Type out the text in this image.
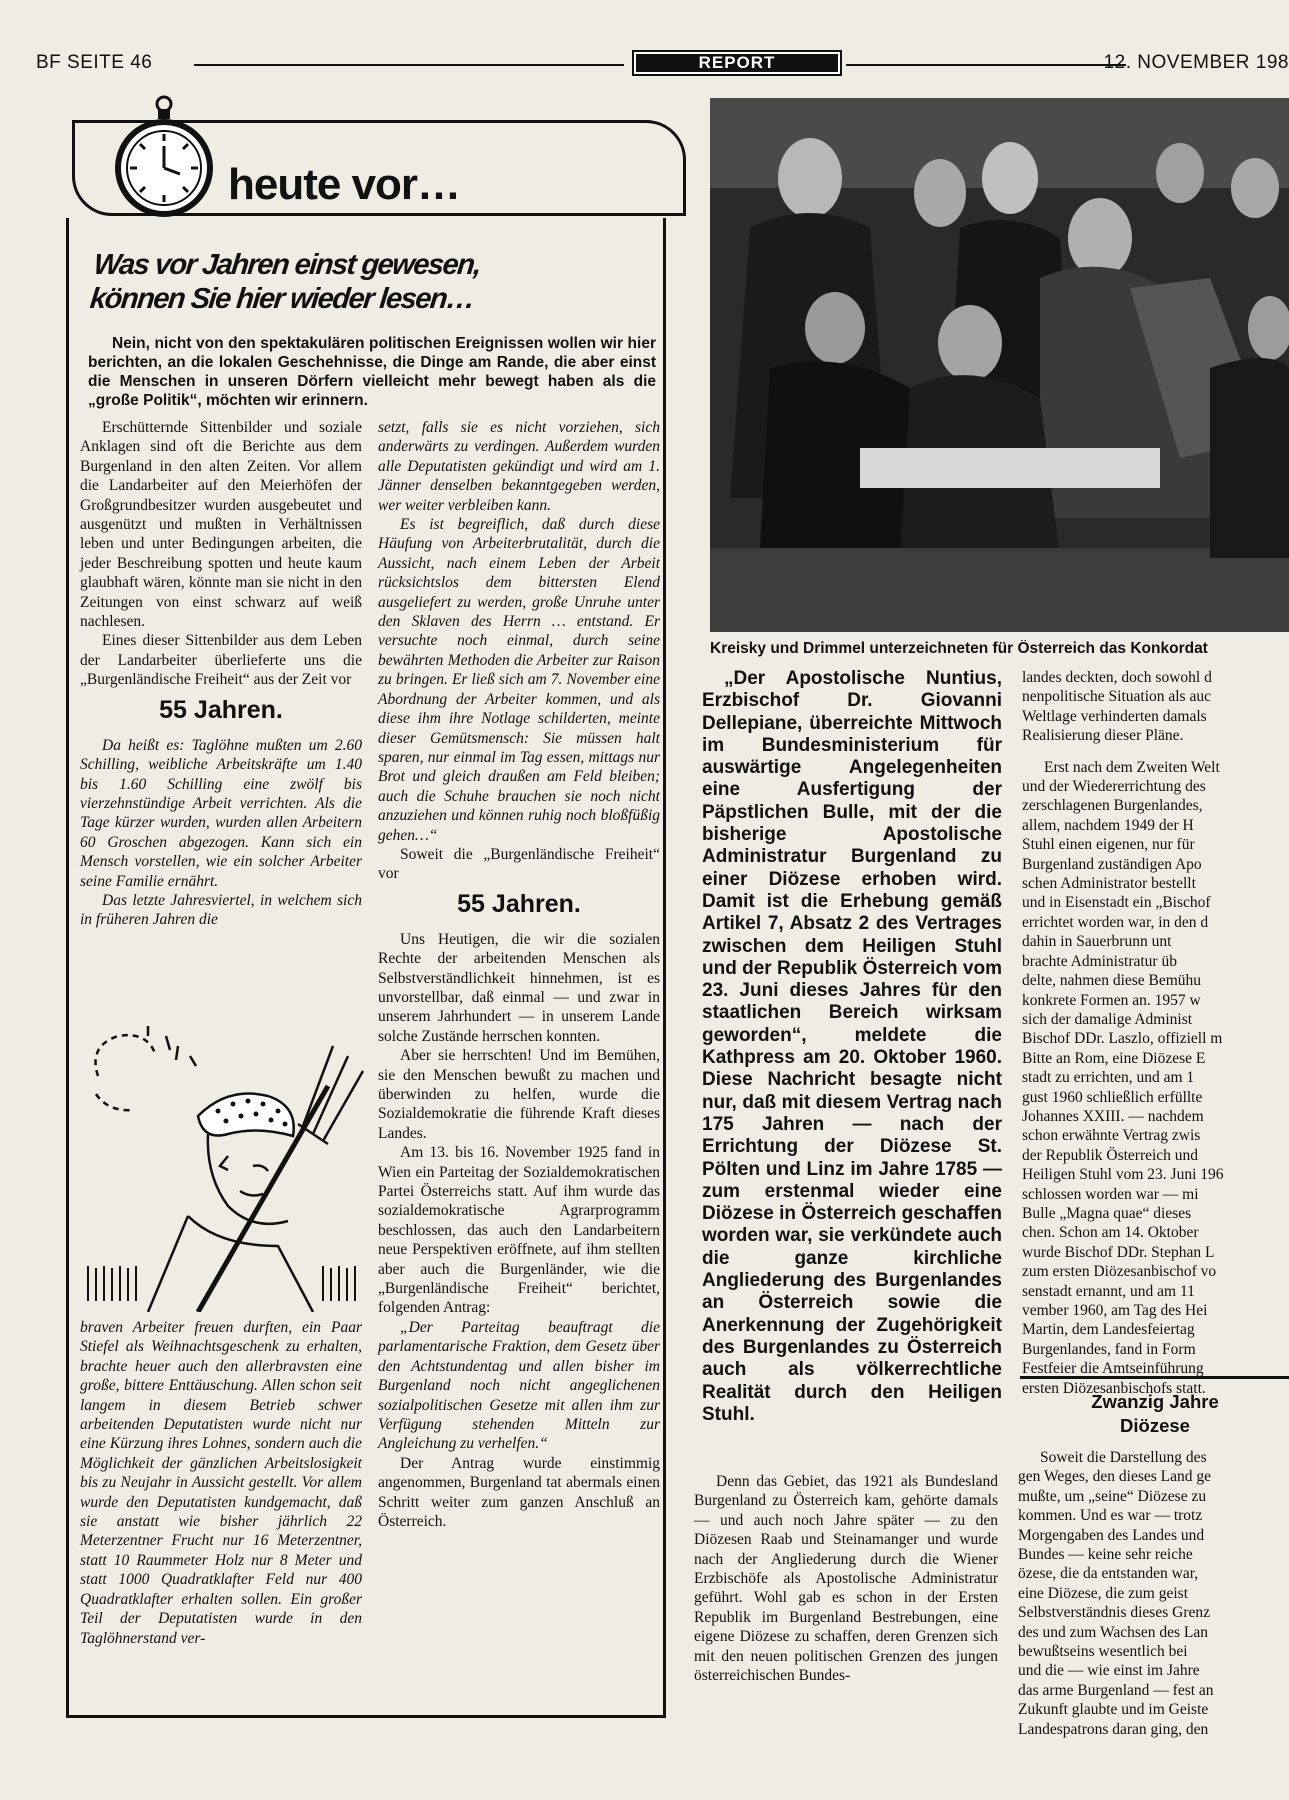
BF SEITE 46	REPORT	12. NOVEMBER 198
heute vor…
Was vor Jahren einst gewesen,
können Sie hier wieder lesen…
Nein, nicht von den spektakulären politischen Ereignissen wollen wir hier berichten, an die lokalen Geschehnisse, die Dinge am Rande, die aber einst die Menschen in unseren Dörfern vielleicht mehr bewegt haben als die „große Politik“, möchten wir erinnern.

Erschütternde Sittenbilder und soziale Anklagen sind oft die Berichte aus dem Burgenland in den alten Zeiten. Vor allem die Landarbeiter auf den Meierhöfen der Großgrundbesitzer wurden ausgebeutet und ausgenützt und mußten in Verhältnissen leben und unter Bedingungen arbeiten, die jeder Beschreibung spotten und heute kaum glaubhaft wären, könnte man sie nicht in den Zeitungen von einst schwarz auf weiß nachlesen.

Eines dieser Sittenbilder aus dem Leben der Landarbeiter überlieferte uns die „Burgenländische Freiheit“ aus der Zeit vor

55 Jahren.

Da heißt es: Taglöhne mußten um 2.60 Schilling, weibliche Arbeitskräfte um 1.40 bis 1.60 Schilling eine zwölf bis vierzehnstündige Arbeit verrichten. Als die Tage kürzer wurden, wurden allen Arbeitern 60 Groschen abgezogen. Kann sich ein Mensch vorstellen, wie ein solcher Arbeiter seine Familie ernährt.

Das letzte Jahresviertel, in welchem sich in früheren Jahren die

braven Arbeiter freuen durften, ein Paar Stiefel als Weihnachtsgeschenk zu erhalten, brachte heuer auch den allerbravsten eine große, bittere Enttäuschung. Allen schon seit langem in diesem Betrieb schwer arbeitenden Deputatisten wurde nicht nur eine Kürzung ihres Lohnes, sondern auch die Möglichkeit der gänzlichen Arbeitslosigkeit bis zu Neujahr in Aussicht gestellt. Vor allem wurde den Deputatisten kundgemacht, daß sie anstatt wie bisher jährlich 22 Meterzentner Frucht nur 16 Meterzentner, statt 10 Raummeter Holz nur 8 Meter und statt 1000 Quadratklafter Feld nur 400 Quadratklafter erhalten sollen. Ein großer Teil der Deputatisten wurde in den Taglöhnerstand ver-

setzt, falls sie es nicht vorziehen, sich anderwärts zu verdingen. Außerdem wurden alle Deputatisten gekündigt und wird am 1. Jänner denselben bekanntgegeben werden, wer weiter verbleiben kann.

Es ist begreiflich, daß durch diese Häufung von Arbeiterbrutalität, durch die Aussicht, nach einem Leben der Arbeit rücksichtslos dem bittersten Elend ausgeliefert zu werden, große Unruhe unter den Sklaven des Herrn … entstand. Er versuchte noch einmal, durch seine bewährten Methoden die Arbeiter zur Raison zu bringen. Er ließ sich am 7. November eine Abordnung der Arbeiter kommen, und als diese ihm ihre Notlage schilderten, meinte dieser Gemütsmensch: Sie müssen halt sparen, nur einmal im Tag essen, mittags nur Brot und gleich draußen am Feld bleiben; auch die Schuhe brauchen sie noch nicht anzuziehen und können ruhig noch bloßfüßig gehen…“

Soweit die „Burgenländische Freiheit“ vor

55 Jahren.

Uns Heutigen, die wir die sozialen Rechte der arbeitenden Menschen als Selbstverständlichkeit hinnehmen, ist es unvorstellbar, daß einmal — und zwar in unserem Jahrhundert — in unserem Lande solche Zustände herrschen konnten.

Aber sie herrschten! Und im Bemühen, sie den Menschen bewußt zu machen und überwinden zu helfen, wurde die Sozialdemokratie die führende Kraft dieses Landes.

Am 13. bis 16. November 1925 fand in Wien ein Parteitag der Sozialdemokratischen Partei Österreichs statt. Auf ihm wurde das sozialdemokratische Agrarprogramm beschlossen, das auch den Landarbeitern neue Perspektiven eröffnete, auf ihm stellten aber auch die Burgenländer, wie die „Burgenländische Freiheit“ berichtet, folgenden Antrag:

„Der Parteitag beauftragt die parlamentarische Fraktion, dem Gesetz über den Achtstundentag und allen bisher im Burgenland noch nicht angeglichenen sozialpolitischen Gesetze mit allen ihm zur Verfügung stehenden Mitteln zur Angleichung zu verhelfen.“

Der Antrag wurde einstimmig angenommen, Burgenland tat abermals einen Schritt weiter zum ganzen Anschluß an Österreich.

Kreisky und Drimmel unterzeichneten für Österreich das Konkordat

„Der Apostolische Nuntius, Erzbischof Dr. Giovanni Dellepiane, überreichte Mittwoch im Bundesministerium für auswärtige Angelegenheiten eine Ausfertigung der Päpstlichen Bulle, mit der die bisherige Apostolische Administratur Burgenland zu einer Diözese erhoben wird. Damit ist die Erhebung gemäß Artikel 7, Absatz 2 des Vertrages zwischen dem Heiligen Stuhl und der Republik Österreich vom 23. Juni dieses Jahres für den staatlichen Bereich wirksam geworden“, meldete die Kathpress am 20. Oktober 1960. Diese Nachricht besagte nicht nur, daß mit diesem Vertrag nach 175 Jahren — nach der Errichtung der Diözese St. Pölten und Linz im Jahre 1785 — zum erstenmal wieder eine Diözese in Österreich geschaffen worden war, sie verkündete auch die ganze kirchliche Angliederung des Burgenlandes an Österreich sowie die Anerkennung der Zugehörigkeit des Burgenlandes zu Österreich auch als völkerrechtliche Realität durch den Heiligen Stuhl.

Denn das Gebiet, das 1921 als Bundesland Burgenland zu Österreich kam, gehörte damals — und auch noch Jahre später — zu den Diözesen Raab und Steinamanger und wurde nach der Angliederung durch die Wiener Erzbischöfe als Apostolische Administratur geführt. Wohl gab es schon in der Ersten Republik im Burgenland Bestrebungen, eine eigene Diözese zu schaffen, deren Grenzen sich mit den neuen politischen Grenzen des jungen österreichischen Bundes-

landes deckten, doch sowohl d
nenpolitische Situation als auc
Weltlage verhinderten damals
Realisierung dieser Pläne.
Erst nach dem Zweiten Welt
und der Wiedererrichtung des
zerschlagenen Burgenlandes,
allem, nachdem 1949 der H
Stuhl einen eigenen, nur für
Burgenland zuständigen Apo
schen Administrator bestellt
und in Eisenstadt ein „Bischof
errichtet worden war, in den d
dahin in Sauerbrunn unt
brachte Administratur üb
delte, nahmen diese Bemühu
konkrete Formen an. 1957 w
sich der damalige Administ
Bischof DDr. Laszlo, offiziell m
Bitte an Rom, eine Diözese E
stadt zu errichten, und am 1
gust 1960 schließlich erfüllte
Johannes XXIII. — nachdem
schon erwähnte Vertrag zwis
der Republik Österreich und
Heiligen Stuhl vom 23. Juni 196
schlossen worden war — mi
Bulle „Magna quae“ dieses
chen. Schon am 14. Oktober
wurde Bischof DDr. Stephan L
zum ersten Diözesanbischof vo
senstadt ernannt, und am 11
vember 1960, am Tag des Hei
Martin, dem Landesfeiertag
Burgenlandes, fand in Form
Festfeier die Amtseinführung
ersten Diözesanbischofs statt.
Zwanzig Jahre
Diözese
Soweit die Darstellung des
gen Weges, den dieses Land ge
mußte, um „seine“ Diözese zu
kommen. Und es war — trotz
Morgengaben des Landes und
Bundes — keine sehr reiche
özese, die da entstanden war,
eine Diözese, die zum geist
Selbstverständnis dieses Grenz
des und zum Wachsen des Lan
bewußtseins wesentlich bei
und die — wie einst im Jahre
das arme Burgenland — fest an
Zukunft glaubte und im Geiste
Landespatrons daran ging, den
